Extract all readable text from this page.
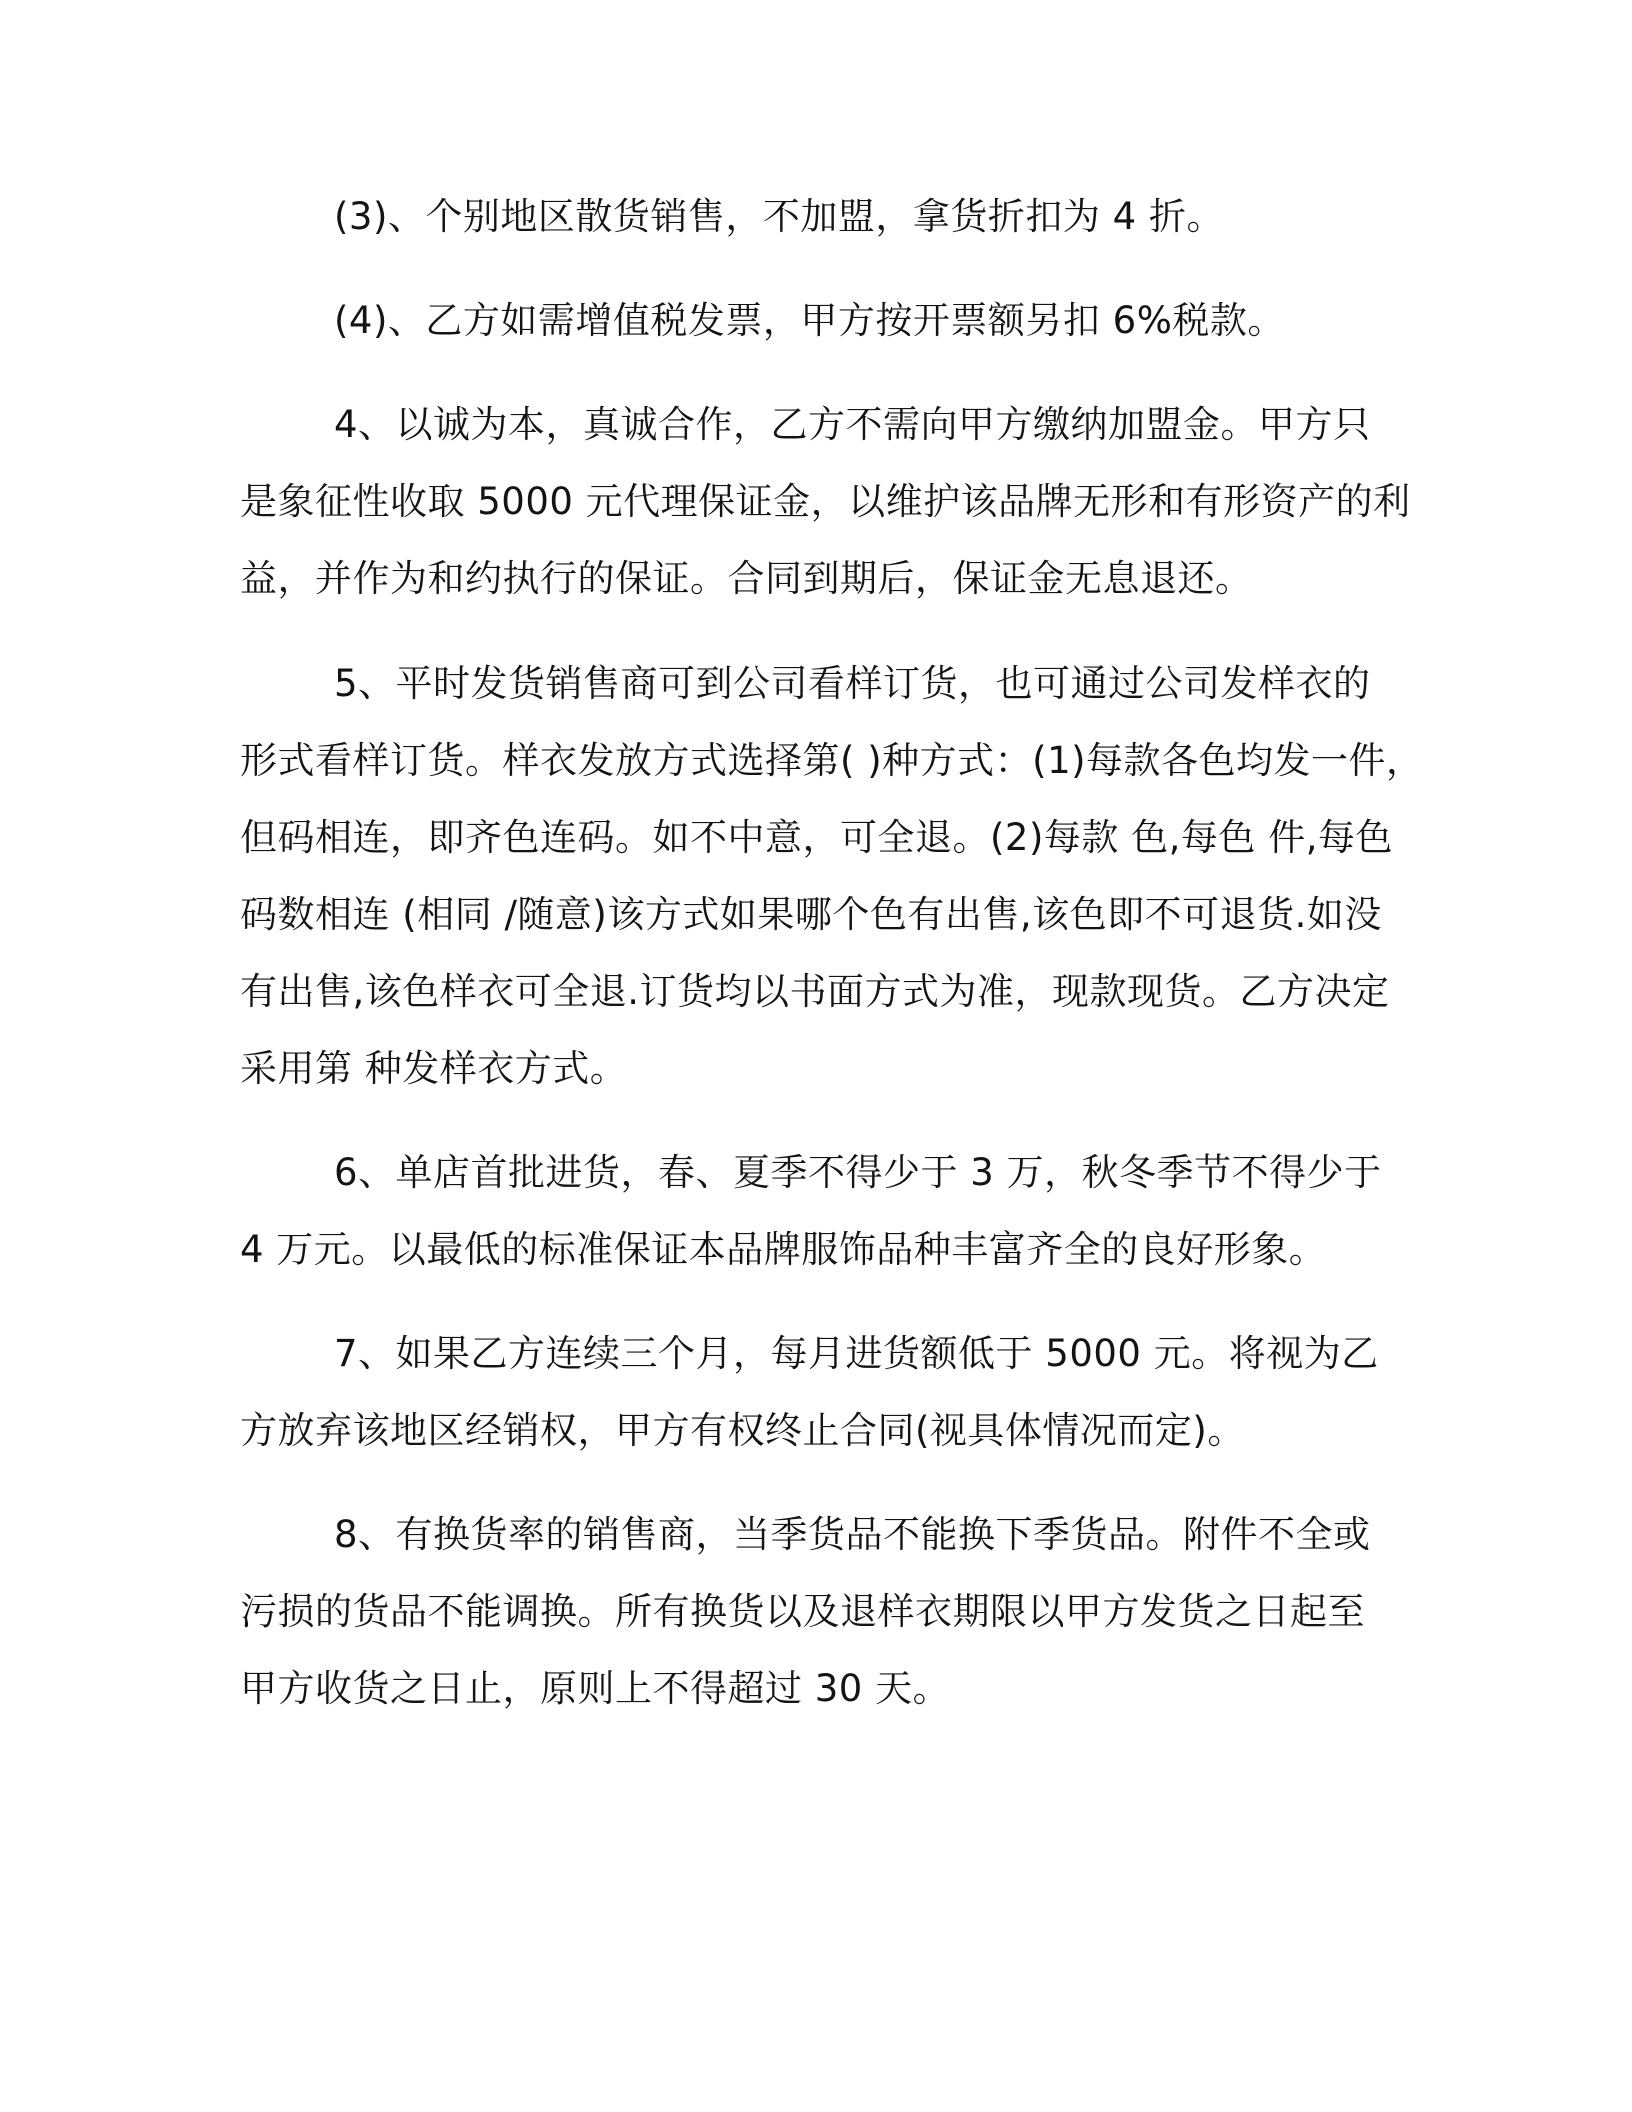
(3)、个别地区散货销售，不加盟，拿货折扣为 4 折。

(4)、乙方如需增值税发票，甲方按开票额另扣 6%税款。

4、以诚为本，真诚合作，乙方不需向甲方缴纳加盟金。甲方只
是象征性收取 5000 元代理保证金，以维护该品牌无形和有形资产的利
益，并作为和约执行的保证。合同到期后，保证金无息退还。

5、平时发货销售商可到公司看样订货，也可通过公司发样衣的
形式看样订货。样衣发放方式选择第( )种方式：(1)每款各色均发一件，
但码相连，即齐色连码。如不中意，可全退。(2)每款 色,每色 件,每色
码数相连 (相同 /随意)该方式如果哪个色有出售,该色即不可退货.如没
有出售,该色样衣可全退.订货均以书面方式为准，现款现货。乙方决定
采用第 种发样衣方式。

6、单店首批进货，春、夏季不得少于 3 万，秋冬季节不得少于
4 万元。以最低的标准保证本品牌服饰品种丰富齐全的良好形象。

7、如果乙方连续三个月，每月进货额低于 5000 元。将视为乙
方放弃该地区经销权，甲方有权终止合同(视具体情况而定)。

8、有换货率的销售商，当季货品不能换下季货品。附件不全或
污损的货品不能调换。所有换货以及退样衣期限以甲方发货之日起至
甲方收货之日止，原则上不得超过 30 天。
